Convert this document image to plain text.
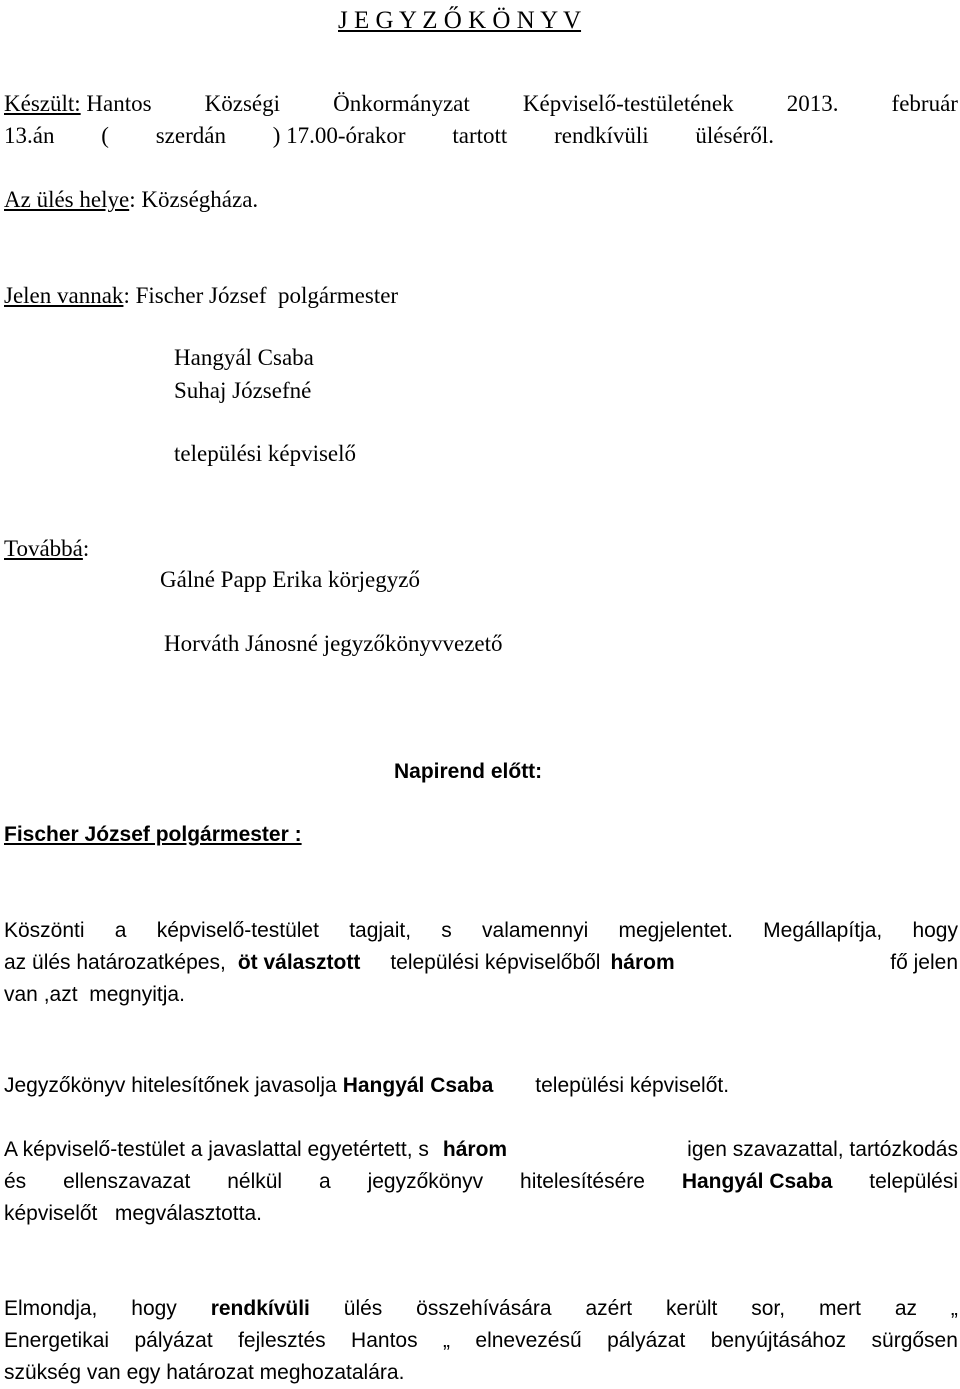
J E G Y Z Ő K Ö N Y V
Készült: Hantos Községi Önkormányzat Képviselő-testületének 2013. február
13.án ( szerdán ) 17.00-órakor tartott rendkívüli üléséről.
Az ülés helye: Községháza.
Jelen vannak: Fischer József  polgármester
Hangyál Csaba
Suhaj Józsefné
települési képviselő
Továbbá:
Gálné Papp Erika körjegyző
Horváth Jánosné jegyzőkönyvvezető
Napirend előtt:
Fischer József polgármester :
Köszönti a képviselő-testület tagjait, s valamennyi megjelentet. Megállapítja, hogy
az ülés határozatképes, öt választott települési képviselőből három	fő jelen
van ,azt  megnyitja.
Jegyzőkönyv hitelesítőnek javasolja Hangyál Csaba települési képviselőt.
A képviselő-testület a javaslattal egyetértett, s három	igen szavazattal, tartózkodás
és ellenszavazat nélkül a jegyzőkönyv hitelesítésére Hangyál Csaba települési
képviselőt   megválasztotta.
Elmondja, hogy rendkívüli ülés összehívására azért került sor, mert az „
Energetikai pályázat fejlesztés Hantos „ elnevezésű pályázat benyújtásához sürgősen
szükség van egy határozat meghozatalára.
